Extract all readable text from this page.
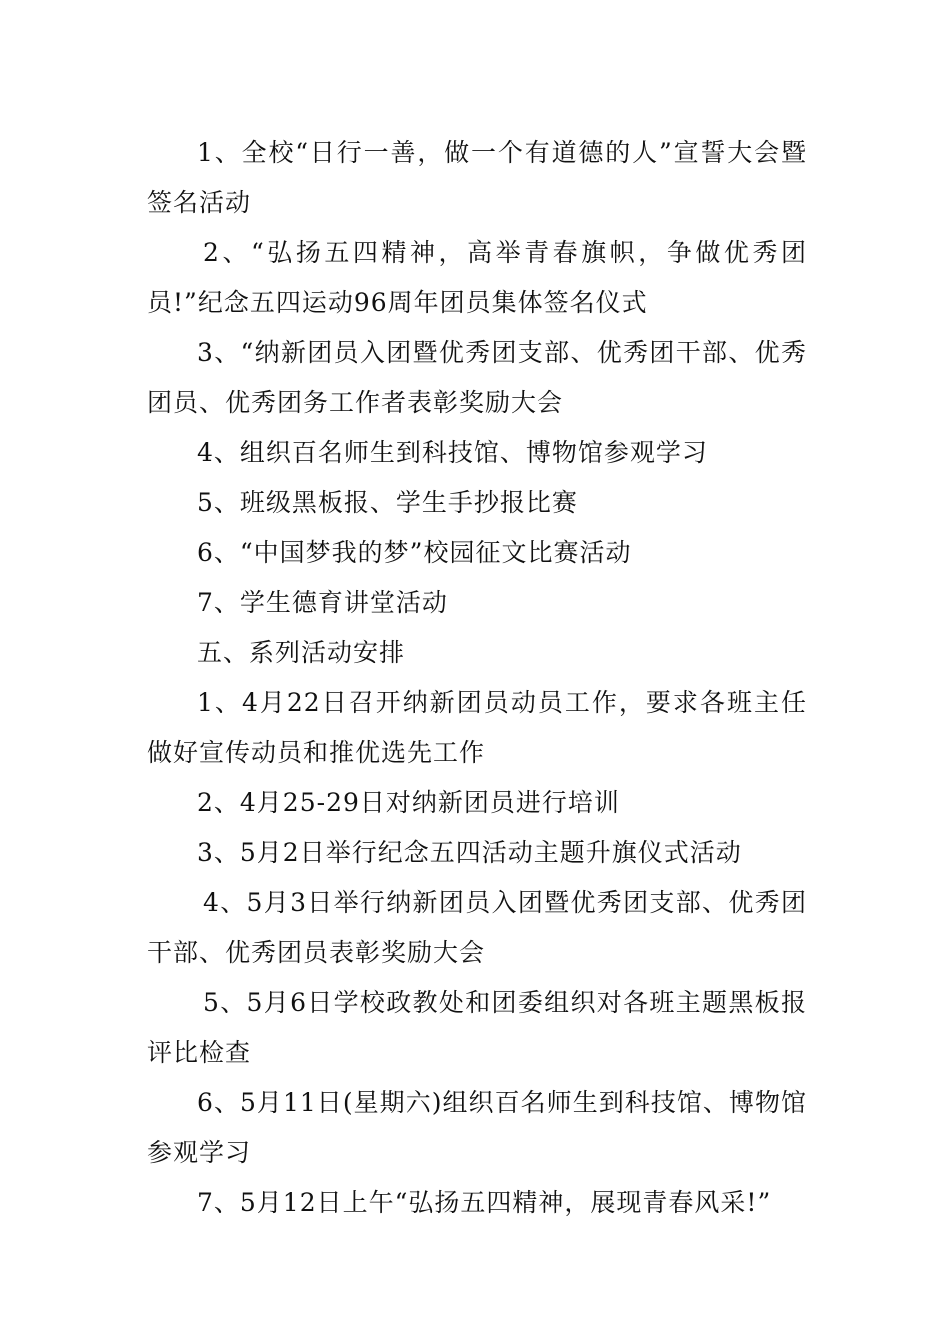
1、全校“日行一善，做一个有道德的人”宣誓大会暨签名活动

2、“弘扬五四精神，高举青春旗帜，争做优秀团员!”纪念五四运动96周年团员集体签名仪式

3、“纳新团员入团暨优秀团支部、优秀团干部、优秀团员、优秀团务工作者表彰奖励大会

4、组织百名师生到科技馆、博物馆参观学习

5、班级黑板报、学生手抄报比赛

6、“中国梦我的梦”校园征文比赛活动

7、学生德育讲堂活动

五、系列活动安排

1、4月22日召开纳新团员动员工作，要求各班主任做好宣传动员和推优选先工作

2、4月25-29日对纳新团员进行培训

3、5月2日举行纪念五四活动主题升旗仪式活动

4、5月3日举行纳新团员入团暨优秀团支部、优秀团干部、优秀团员表彰奖励大会

5、5月6日学校政教处和团委组织对各班主题黑板报评比检查

6、5月11日(星期六)组织百名师生到科技馆、博物馆参观学习

7、5月12日上午“弘扬五四精神，展现青春风采!”
